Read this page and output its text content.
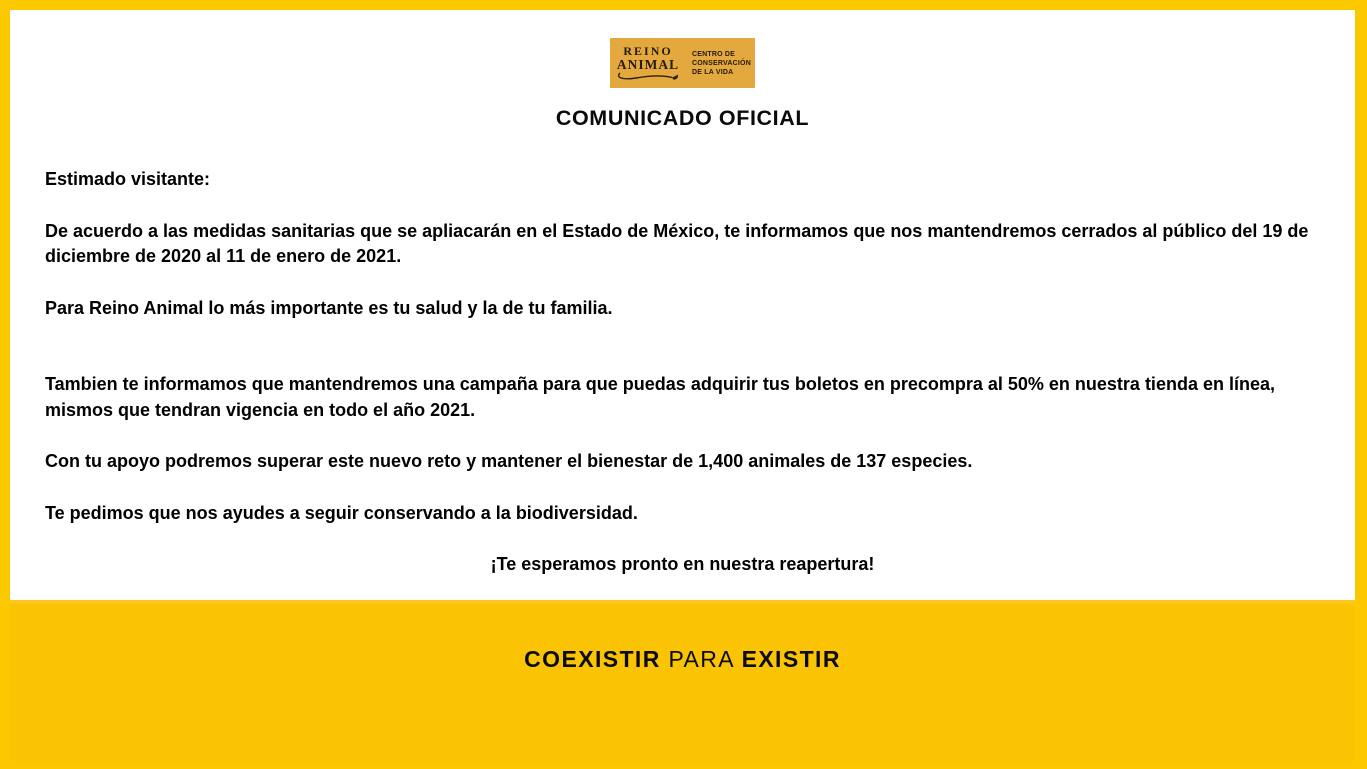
REINO
ANIMAL
CENTRO DE
CONSERVACIÓN
DE LA VIDA
COMUNICADO OFICIAL

Estimado visitante:

De acuerdo a las medidas sanitarias que se apliacarán en el Estado de México, te informamos que nos mantendremos cerrados al público del 19 de diciembre de 2020 al 11 de enero de 2021.

Para Reino Animal lo más importante es tu salud y la de tu familia.

Tambien te informamos que mantendremos una campaña para que puedas adquirir tus boletos en precompra al 50% en nuestra tienda en línea, mismos que tendran vigencia en todo el año 2021.

Con tu apoyo podremos superar este nuevo reto y mantener el bienestar de 1,400 animales de 137 especies.

Te pedimos que nos ayudes a seguir conservando a la biodiversidad.

¡Te esperamos pronto en nuestra reapertura!

COEXISTIR PARA EXISTIR
